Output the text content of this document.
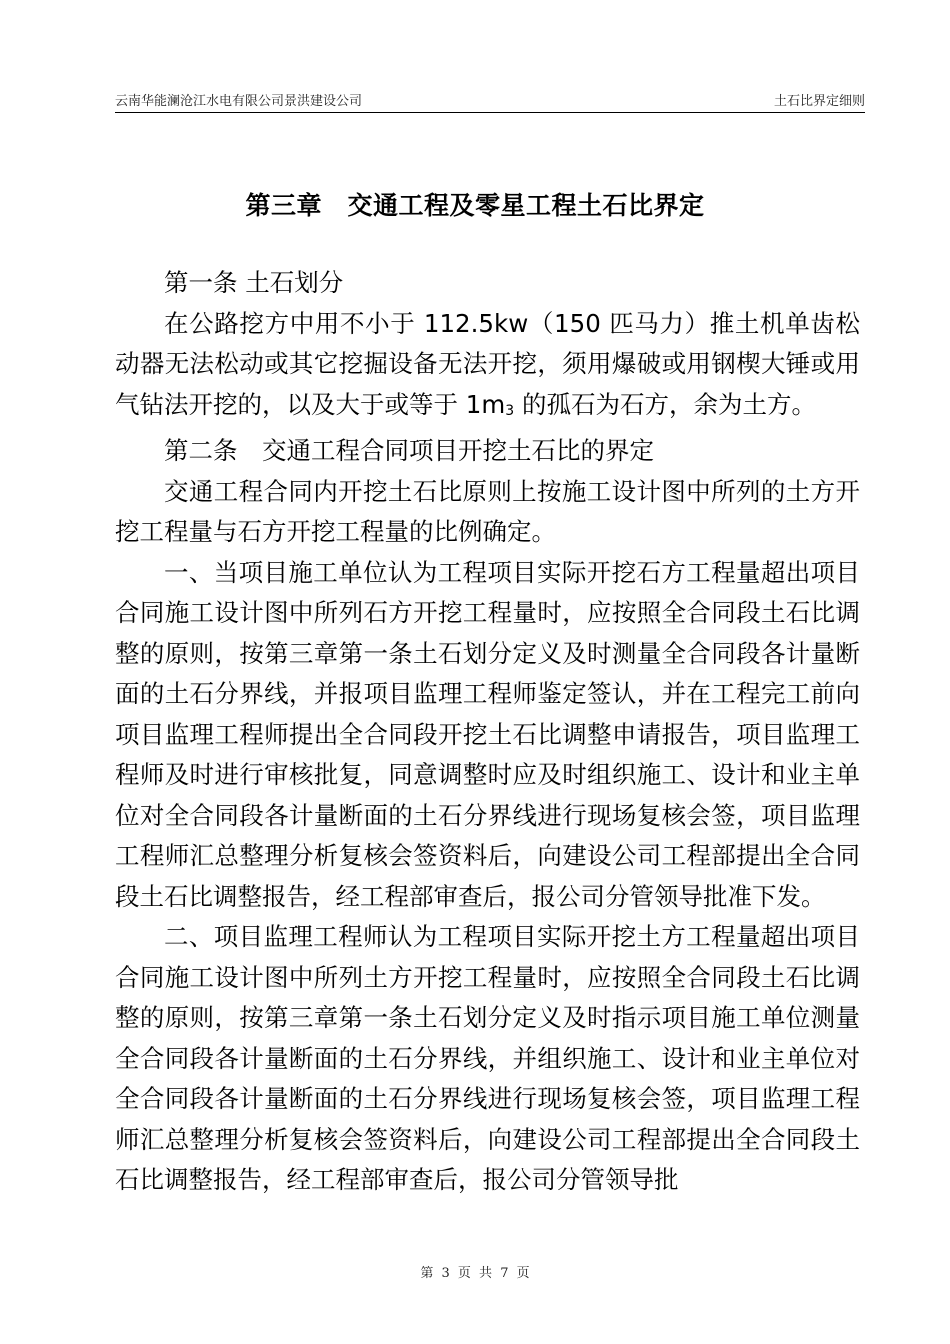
云南华能澜沧江水电有限公司景洪建设公司	土石比界定细则
第三章　交通工程及零星工程土石比界定

第一条 土石划分

在公路挖方中用不小于 112.5kw（150 匹马力）推土机单齿松动器无法松动或其它挖掘设备无法开挖，须用爆破或用钢楔大锤或用气钻法开挖的，以及大于或等于 $1m_3$ 的孤石为石方，余为土方。

第二条　交通工程合同项目开挖土石比的界定

交通工程合同内开挖土石比原则上按施工设计图中所列的土方开挖工程量与石方开挖工程量的比例确定。

一、当项目施工单位认为工程项目实际开挖石方工程量超出项目合同施工设计图中所列石方开挖工程量时，应按照全合同段土石比调整的原则，按第三章第一条土石划分定义及时测量全合同段各计量断面的土石分界线，并报项目监理工程师鉴定签认，并在工程完工前向项目监理工程师提出全合同段开挖土石比调整申请报告，项目监理工程师及时进行审核批复，同意调整时应及时组织施工、设计和业主单位对全合同段各计量断面的土石分界线进行现场复核会签，项目监理工程师汇总整理分析复核会签资料后，向建设公司工程部提出全合同段土石比调整报告，经工程部审查后，报公司分管领导批准下发。

二、项目监理工程师认为工程项目实际开挖土方工程量超出项目合同施工设计图中所列土方开挖工程量时，应按照全合同段土石比调整的原则，按第三章第一条土石划分定义及时指示项目施工单位测量全合同段各计量断面的土石分界线，并组织施工、设计和业主单位对全合同段各计量断面的土石分界线进行现场复核会签，项目监理工程师汇总整理分析复核会签资料后，向建设公司工程部提出全合同段土石比调整报告，经工程部审查后，报公司分管领导批

第 3 页 共 7 页
